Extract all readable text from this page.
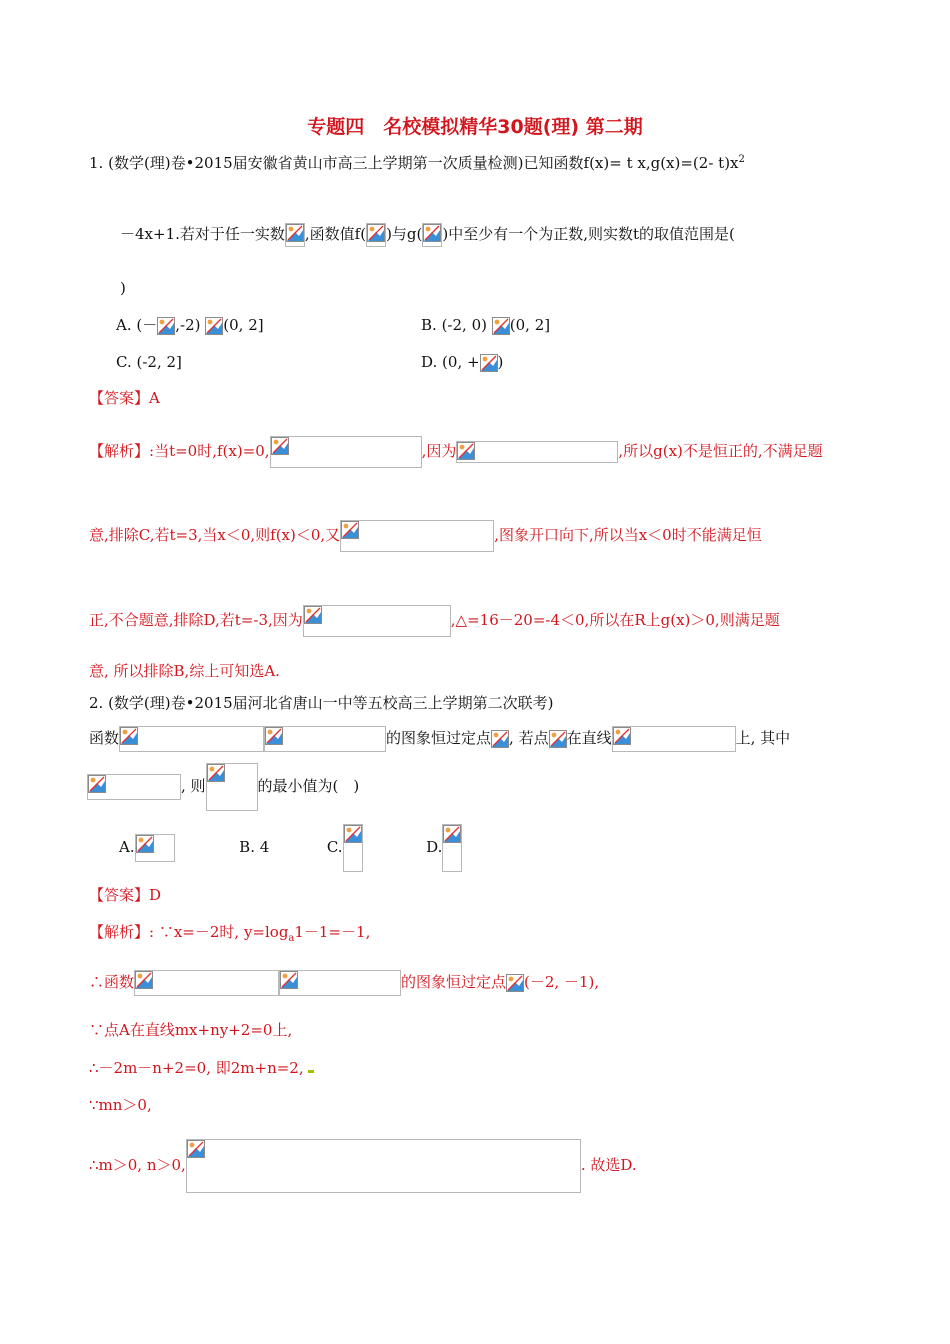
专题四　名校模拟精华30题(理) 第二期
1. (数学(理)卷•2015届安徽省黄山市高三上学期第一次质量检测)已知函数f(x)= t x,g(x)=(2- $t)x^2$
－4x+1.若对于任一实数 ,函数值f( )与g( )中至少有一个为正数,则实数t的取值范围是(
)
A. (－ ,-2) (0, 2]	B. (-2, 0) (0, 2]
C. (-2, 2]	D. (0, + )
【答案】A
【解析】:当t=0时,f(x)=0,	,因为	,所以g(x)不是恒正的,不满足题
意,排除C,若t=3,当x＜0,则f(x)＜0,又	,图象开口向下,所以当x＜0时不能满足恒
正,不合题意,排除D,若t=-3,因为	,△=16－20=-4＜0,所以在R上g(x)＞0,则满足题
意, 所以排除B,综上可知选A.
2. (数学(理)卷•2015届河北省唐山一中等五校高三上学期第二次联考)
函数	的图象恒过定点 , 若点 在直线	上, 其中
, 则	的最小值为(　)
A.	B. 4	C.	D.
【答案】D
【解析】: ∵x=－2时, $y=\log_a1-1=-1$,
∴函数	的图象恒过定点 (－2, －1),
∵点A在直线mx+ny+2=0上,
∴－2m－n+2=0, 即2m+n=2,
∵mn＞0,
∴m＞0, n＞0,	. 故选D.
